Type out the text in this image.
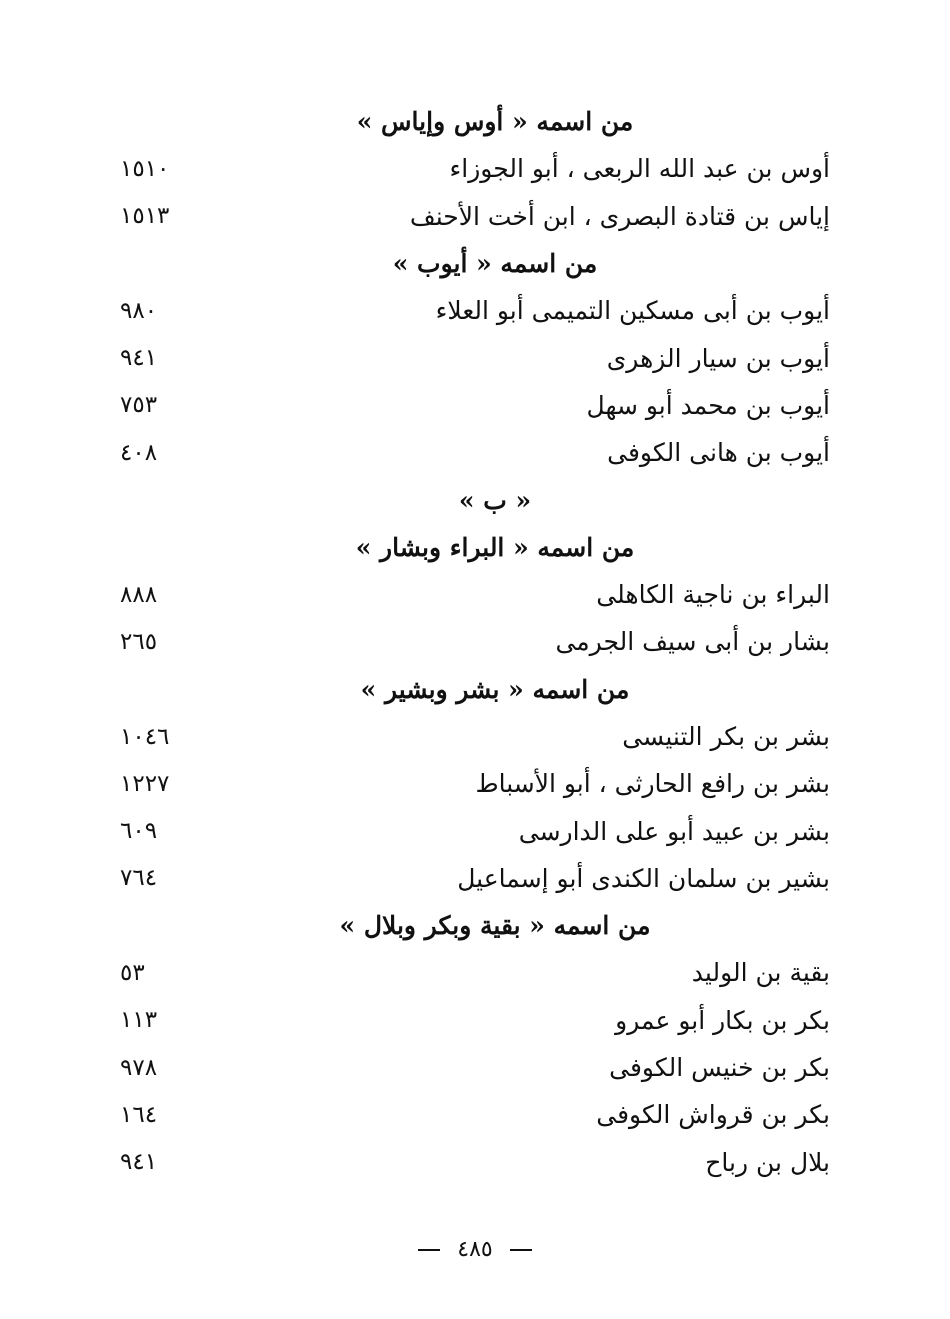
من اسمه « أوس وإياس »
أوس بن عبد الله الربعى ، أبو الجوزاء
١٥١٠
إياس بن قتادة البصرى ، ابن أخت الأحنف
١٥١٣
من اسمه « أيوب »
أيوب بن أبى مسكين التميمى أبو العلاء
٩٨٠
أيوب بن سيار الزهرى
٩٤١
أيوب بن محمد أبو سهل
٧٥٣
أيوب بن هانى الكوفى
٤٠٨
« ب »
من اسمه « البراء وبشار »
البراء بن ناجية الكاهلى
٨٨٨
بشار بن أبى سيف الجرمى
٢٦٥
من اسمه « بشر وبشير »
بشر بن بكر التنيسى
١٠٤٦
بشر بن رافع الحارثى ، أبو الأسباط
١٢٢٧
بشر بن عبيد أبو على الدارسى
٦٠٩
بشير بن سلمان الكندى أبو إسماعيل
٧٦٤
من اسمه « بقية وبكر وبلال »
بقية بن الوليد
٥٣
بكر بن بكار أبو عمرو
١١٣
بكر بن خنيس الكوفى
٩٧٨
بكر بن قرواش الكوفى
١٦٤
بلال بن رباح
٩٤١
٤٨٥
